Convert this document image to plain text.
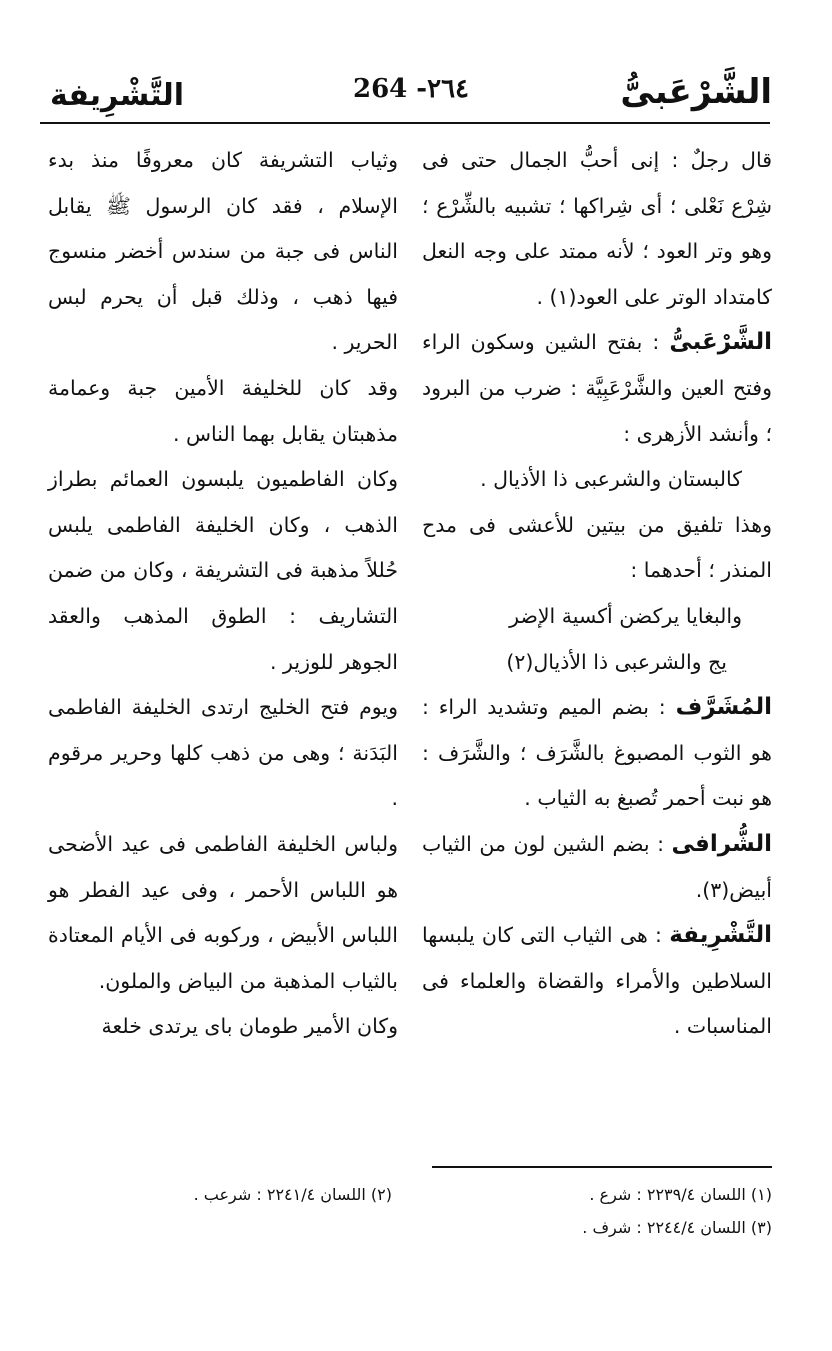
الشَّرْعَبىُّ
264 -٢٦٤
التَّشْرِيفة

قال رجلٌ : إنى أحبُّ الجمال حتى فى شِرْع نَعْلى ؛ أى شِراكها ؛ تشبيه بالشِّرْع ؛ وهو وتر العود ؛ لأنه ممتد على وجه النعل كامتداد الوتر على العود(١) .

الشَّرْعَبىُّ : بفتح الشين وسكون الراء وفتح العين والشَّرْعَبِيَّة : ضرب من البرود ؛ وأنشد الأزهرى :

كالبستان والشرعبى ذا الأذيال .

وهذا تلفيق من بيتين للأعشى فى مدح المنذر ؛ أحدهما :

والبغايا يركضن أكسية الإضر

يج والشرعبى ذا الأذيال(٢)

المُشَرَّف : بضم الميم وتشديد الراء : هو الثوب المصبوغ بالشَّرَف ؛ والشَّرَف : هو نبت أحمر تُصبغ به الثياب .

الشُّرافى : بضم الشين لون من الثياب أبيض(٣).

التَّشْرِيفة : هى الثياب التى كان يلبسها السلاطين والأمراء والقضاة والعلماء فى المناسبات .

وثياب التشريفة كان معروفًا منذ بدء الإسلام ، فقد كان الرسول ﷺ يقابل الناس فى جبة من سندس أخضر منسوج فيها ذهب ، وذلك قبل أن يحرم لبس الحرير .

وقد كان للخليفة الأمين جبة وعمامة مذهبتان يقابل بهما الناس .

وكان الفاطميون يلبسون العمائم بطراز الذهب ، وكان الخليفة الفاطمى يلبس حُللاً مذهبة فى التشريفة ، وكان من ضمن التشاريف : الطوق المذهب والعقد الجوهر للوزير .

ويوم فتح الخليج ارتدى الخليفة الفاطمى البَدَنة ؛ وهى من ذهب كلها وحرير مرقوم .

ولباس الخليفة الفاطمى فى عيد الأضحى هو اللباس الأحمر ، وفى عيد الفطر هو اللباس الأبيض ، وركوبه فى الأيام المعتادة بالثياب المذهبة من البياض والملون.

وكان الأمير طومان باى يرتدى خلعة

(١) اللسان ٢٢٣٩/٤ : شرع .
(٢) اللسان ٢٢٤١/٤ : شرعب .
(٣) اللسان ٢٢٤٤/٤ : شرف .
